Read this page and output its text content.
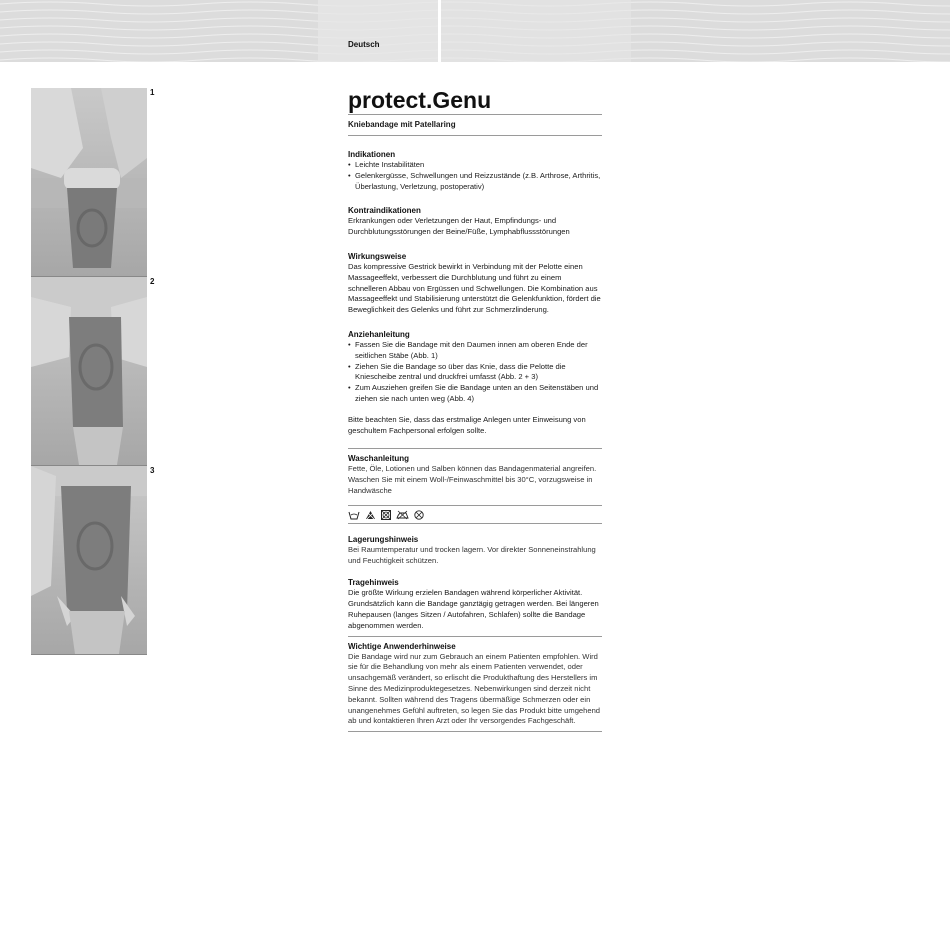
Deutsch
1
2
3
protect.Genu
Kniebandage mit Patellaring
Indikationen
• Leichte Instabilitäten
• Gelenkergüsse, Schwellungen und Reizzustände (z.B. Arthrose, Arthritis, Überlastung, Verletzung, postoperativ)
Kontraindikationen
Erkrankungen oder Verletzungen der Haut, Empfindungs- und Durchblutungsstörungen der Beine/Füße, Lymphabflussstörungen
Wirkungsweise
Das kompressive Gestrick bewirkt in Verbindung mit der Pelotte einen Massageeffekt, verbessert die Durchblutung und führt zu einem schnelleren Abbau von Ergüssen und Schwellungen. Die Kombination aus Massageeffekt und Stabilisierung unterstützt die Gelenkfunktion, fördert die Beweglichkeit des Gelenks und führt zur Schmerzlinderung.
Anziehanleitung
• Fassen Sie die Bandage mit den Daumen innen am oberen Ende der seitlichen Stäbe (Abb. 1)
• Ziehen Sie die Bandage so über das Knie, dass die Pelotte die Kniescheibe zentral und druckfrei umfasst (Abb. 2 + 3)
• Zum Ausziehen greifen Sie die Bandage unten an den Seitenstäben und ziehen sie nach unten weg (Abb. 4)
Bitte beachten Sie, dass das erstmalige Anlegen unter Einweisung von geschultem Fachpersonal erfolgen sollte.
Waschanleitung
Fette, Öle, Lotionen und Salben können das Bandagenmaterial angreifen. Waschen Sie mit einem Woll-/Feinwaschmittel bis 30°C, vorzugsweise in Handwäsche
Lagerungshinweis
Bei Raumtemperatur und trocken lagern. Vor direkter Sonneneinstrahlung und Feuchtigkeit schützen.
Tragehinweis
Die größte Wirkung erzielen Bandagen während körperlicher Aktivität. Grundsätzlich kann die Bandage ganztägig getragen werden. Bei längeren Ruhepausen (langes Sitzen / Autofahren, Schlafen) sollte die Bandage abgenommen werden.
Wichtige Anwenderhinweise
Die Bandage wird nur zum Gebrauch an einem Patienten empfohlen. Wird sie für die Behandlung von mehr als einem Patienten verwendet, oder unsachgemäß verändert, so erlischt die Produkthaftung des Herstellers im Sinne des Medizinproduktegesetzes. Nebenwirkungen sind derzeit nicht bekannt. Sollten während des Tragens übermäßige Schmerzen oder ein unangenehmes Gefühl auftreten, so legen Sie das Produkt bitte umgehend ab und kontaktieren Ihren Arzt oder Ihr versorgendes Fachgeschäft.
